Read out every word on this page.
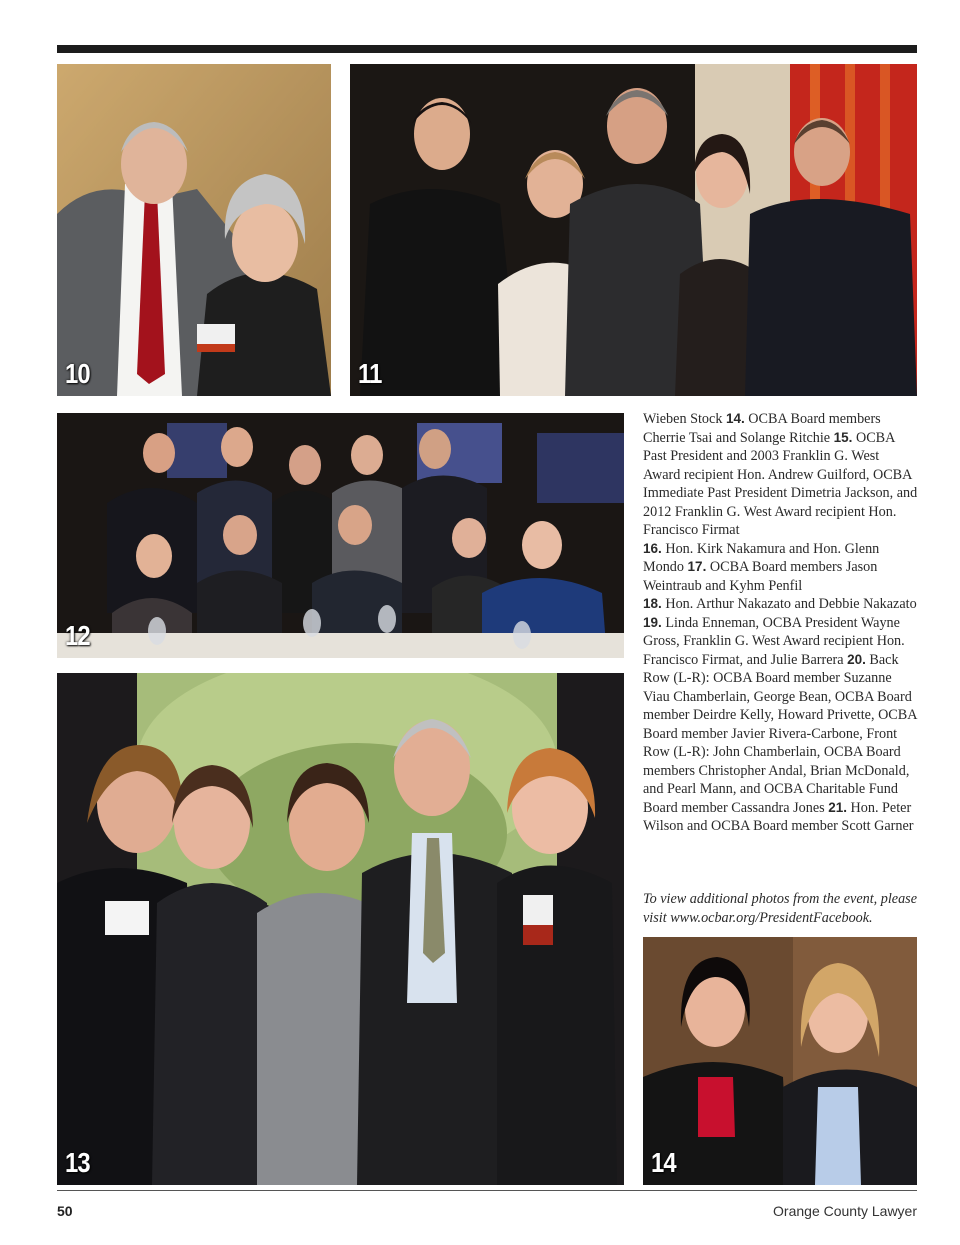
10	11
12
13	14

Wieben Stock 14. OCBA Board members Cherrie Tsai and Solange Ritchie 15. OCBA Past President and 2003 Franklin G. West Award recipient Hon. Andrew Guilford, OCBA Immediate Past President Dimetria Jackson, and 2012 Franklin G. West Award recipient Hon. Francisco Firmat

16. Hon. Kirk Nakamura and Hon. Glenn Mondo 17. OCBA Board members Jason Weintraub and Kyhm Penfil

18. Hon. Arthur Nakazato and Debbie Nakazato 19. Linda Enneman, OCBA President Wayne Gross, Franklin G. West Award recipient Hon. Francisco Firmat, and Julie Barrera 20. Back Row (L-R): OCBA Board member Suzanne Viau Chamberlain, George Bean, OCBA Board member Deirdre Kelly, Howard Privette, OCBA Board member Javier Rivera-Carbone, Front Row (L-R): John Chamberlain, OCBA Board members Christopher Andal, Brian McDonald, and Pearl Mann, and OCBA Charitable Fund Board member Cassandra Jones 21. Hon. Peter Wilson and OCBA Board member Scott Garner

To view additional photos from the event, please visit www.ocbar.org/PresidentFacebook.
50	Orange County Lawyer
